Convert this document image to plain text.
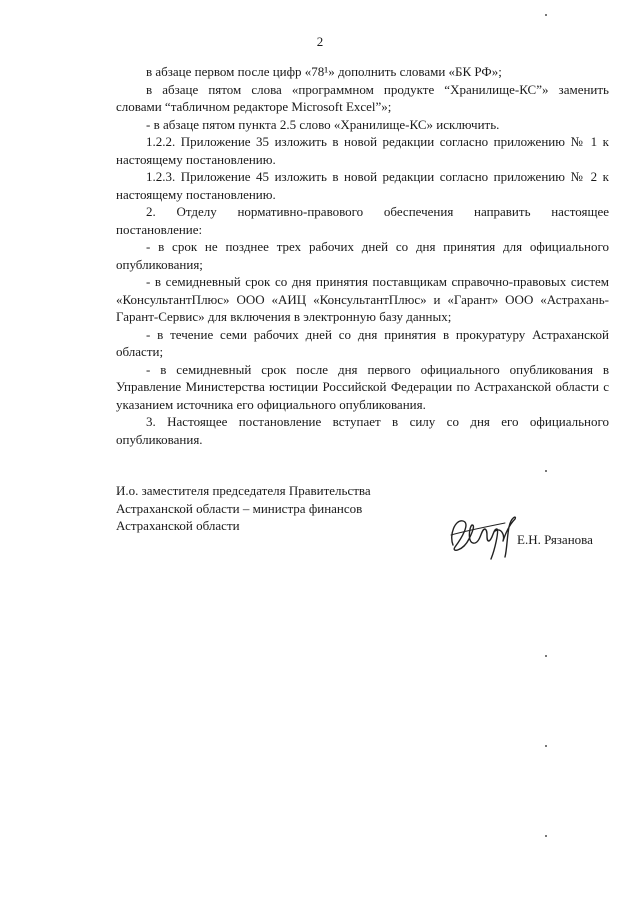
2

в абзаце первом после цифр «78¹» дополнить словами «БК РФ»;

в абзаце пятом слова «программном продукте “Хранилище-КС”» заменить словами “табличном редакторе Microsoft Excel”»;

- в абзаце пятом пункта 2.5 слово «Хранилище-КС» исключить.

1.2.2. Приложение 35 изложить в новой редакции согласно приложению № 1 к настоящему постановлению.

1.2.3. Приложение 45 изложить в новой редакции согласно приложению № 2 к настоящему постановлению.

2. Отделу нормативно-правового обеспечения направить настоящее постановление:

- в срок не позднее трех рабочих дней со дня принятия для официального опубликования;

- в семидневный срок со дня принятия поставщикам справочно-правовых систем «КонсультантПлюс» ООО «АИЦ «КонсультантПлюс» и «Гарант» ООО «Астрахань-Гарант-Сервис» для включения в электронную базу данных;

- в течение семи рабочих дней со дня принятия в прокуратуру Астраханской области;

- в семидневный срок после дня первого официального опубликования в Управление Министерства юстиции Российской Федерации по Астраханской области с указанием источника его официального опубликования.

3. Настоящее постановление вступает в силу со дня его официального опубликования.

И.о. заместителя председателя Правительства
Астраханской области – министра финансов
Астраханской области
Е.Н. Рязанова
